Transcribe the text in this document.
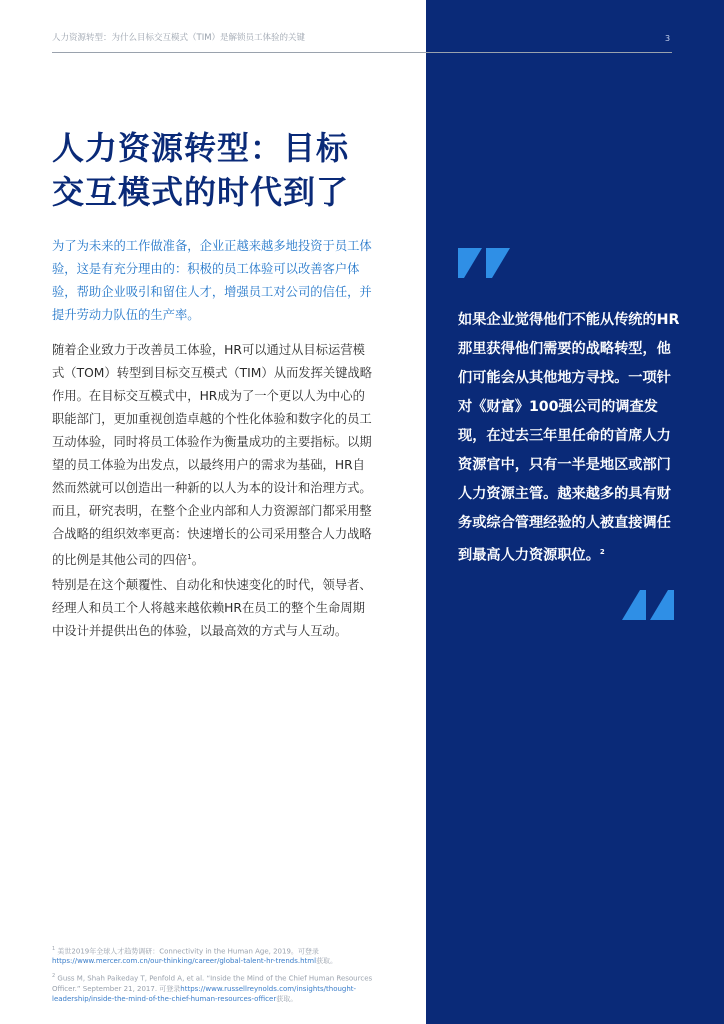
人力资源转型：为什么目标交互模式（TIM）是解锁员工体验的关键	3
人力资源转型：目标
交互模式的时代到了

为了为未来的工作做准备，企业正越来越多地投资于员工体验，这是有充分理由的：积极的员工体验可以改善客户体验，帮助企业吸引和留住人才，增强员工对公司的信任，并提升劳动力队伍的生产率。

随着企业致力于改善员工体验，HR可以通过从目标运营模式（TOM）转型到目标交互模式（TIM）从而发挥关键战略作用。在目标交互模式中，HR成为了一个更以人为中心的职能部门，更加重视创造卓越的个性化体验和数字化的员工互动体验，同时将员工体验作为衡量成功的主要指标。以期望的员工体验为出发点，以最终用户的需求为基础，HR自然而然就可以创造出一种新的以人为本的设计和治理方式。而且，研究表明，在整个企业内部和人力资源部门都采用整合战略的组织效率更高：快速增长的公司采用整合人力战略的比例是其他公司的四倍$^1$。

特别是在这个颠覆性、自动化和快速变化的时代，领导者、经理人和员工个人将越来越依赖HR在员工的整个生命周期中设计并提供出色的体验，以最高效的方式与人互动。

如果企业觉得他们不能从传统的HR那里获得他们需要的战略转型，他们可能会从其他地方寻找。一项针对《财富》100强公司的调查发现，在过去三年里任命的首席人力资源官中，只有一半是地区或部门人力资源主管。越来越多的具有财务或综合管理经验的人被直接调任到最高人力资源职位。$^2$

$^1$ 美世2019年全球人才趋势调研：Connectivity in the Human Age, 2019。可登录https://www.mercer.com.cn/our-thinking/career/global-talent-hr-trends.html获取。

$^2$ Guss M, Shah Paikeday T, Penfold A, et al. “Inside the Mind of the Chief Human Resources Officer.” September 21, 2017. 可登录https://www.russellreynolds.com/insights/thought-leadership/inside-the-mind-of-the-chief-human-resources-officer获取。
